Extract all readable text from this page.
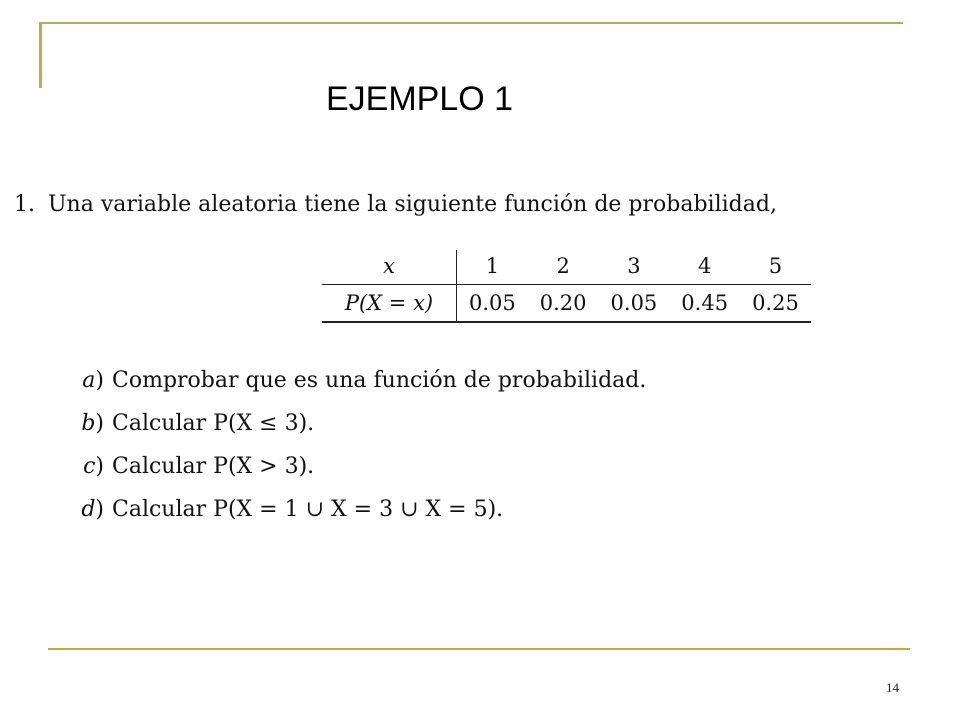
EJEMPLO 1
1. Una variable aleatoria tiene la siguiente función de probabilidad,
x	1	2	3	4	5
P(X = x)	0.05	0.20	0.05	0.45	0.25
a) Comprobar que es una función de probabilidad.
b) Calcular P(X ≤ 3).
c) Calcular P(X > 3).
d) Calcular P(X = 1 ∪ X = 3 ∪ X = 5).
14
